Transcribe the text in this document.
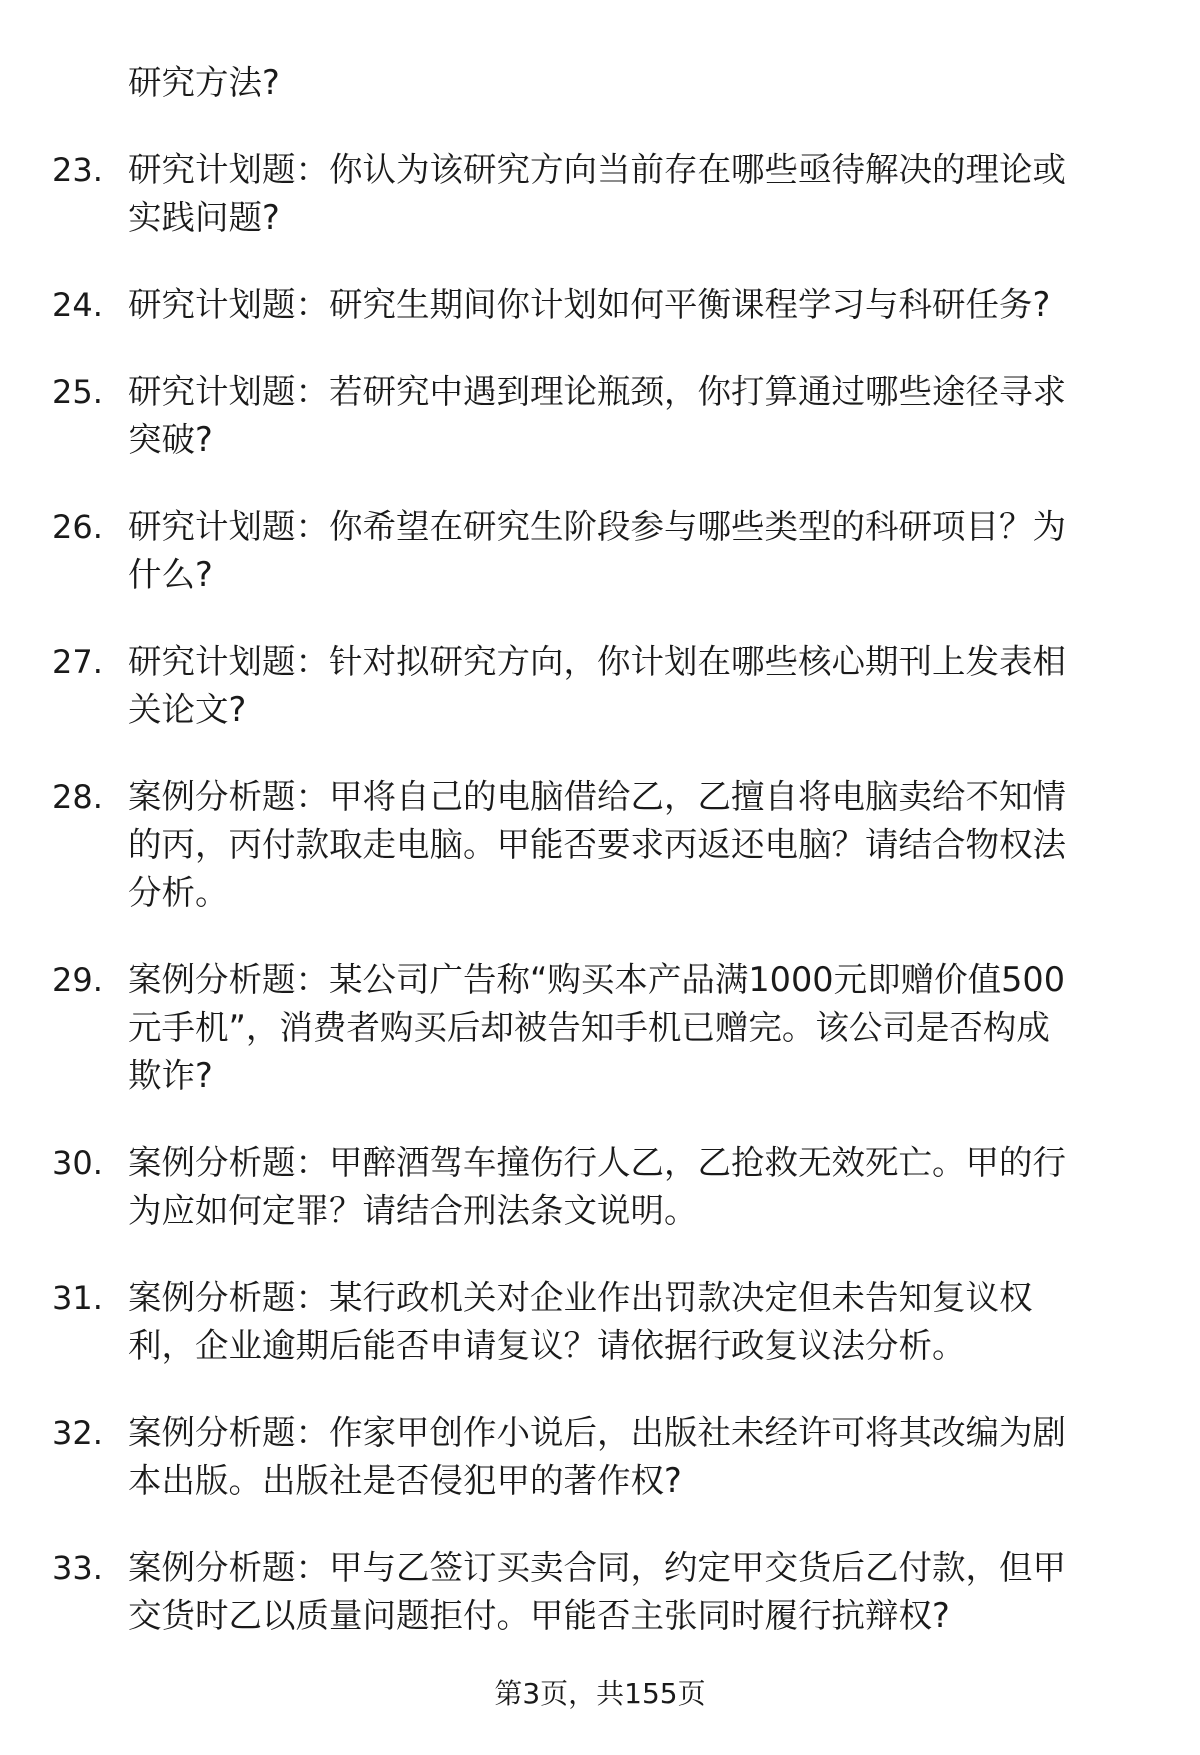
研究方法?
23. 研究计划题：你认为该研究方向当前存在哪些亟待解决的理论或
实践问题?
24. 研究计划题：研究生期间你计划如何平衡课程学习与科研任务?
25. 研究计划题：若研究中遇到理论瓶颈，你打算通过哪些途径寻求
突破?
26. 研究计划题：你希望在研究生阶段参与哪些类型的科研项目？为
什么?
27. 研究计划题：针对拟研究方向，你计划在哪些核心期刊上发表相
关论文?
28. 案例分析题：甲将自己的电脑借给乙，乙擅自将电脑卖给不知情
的丙，丙付款取走电脑。甲能否要求丙返还电脑？请结合物权法
分析。
29. 案例分析题：某公司广告称“购买本产品满1000元即赠价值500
元手机”，消费者购买后却被告知手机已赠完。该公司是否构成
欺诈?
30. 案例分析题：甲醉酒驾车撞伤行人乙，乙抢救无效死亡。甲的行
为应如何定罪？请结合刑法条文说明。
31. 案例分析题：某行政机关对企业作出罚款决定但未告知复议权
利，企业逾期后能否申请复议？请依据行政复议法分析。
32. 案例分析题：作家甲创作小说后，出版社未经许可将其改编为剧
本出版。出版社是否侵犯甲的著作权?
33. 案例分析题：甲与乙签订买卖合同，约定甲交货后乙付款，但甲
交货时乙以质量问题拒付。甲能否主张同时履行抗辩权?
第3页，共155页
